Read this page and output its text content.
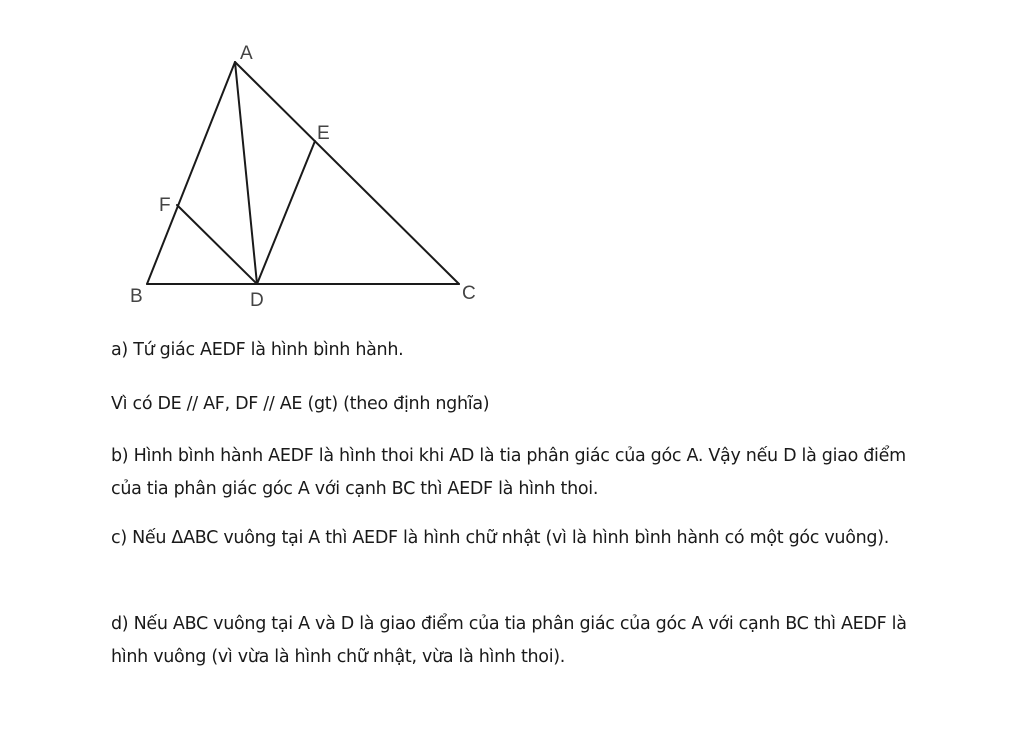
A
E
F
B	D	C

a) Tứ giác AEDF là hình bình hành.

Vì có DE // AF, DF // AE (gt) (theo định nghĩa)

b) Hình bình hành AEDF là hình thoi khi AD là tia phân giác của góc A. Vậy nếu D là giao điểm của tia phân giác góc A với cạnh BC thì AEDF là hình thoi.

c) Nếu ΔABC vuông tại A thì AEDF là hình chữ nhật (vì là hình bình hành có một góc vuông).

d) Nếu ABC vuông tại A và D là giao điểm của tia phân giác của góc A với cạnh BC thì AEDF là hình vuông (vì vừa là hình chữ nhật, vừa là hình thoi).
